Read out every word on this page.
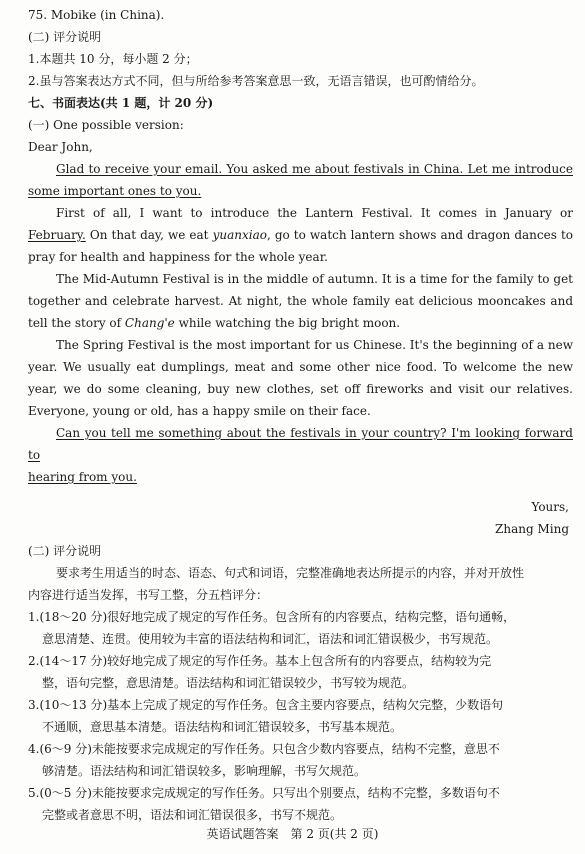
75. Mobike (in China).
(二) 评分说明
1.本题共 10 分，每小题 2 分；
2.虽与答案表达方式不同，但与所给参考答案意思一致，无语言错误，也可酌情给分。
七、书面表达(共 1 题，计 20 分)
(一) One possible version:
Dear John,
Glad to receive your email. You asked me about festivals in China. Let me introduce
some important ones to you.
First of all, I want to introduce the Lantern Festival. It comes in January or
February. On that day, we eat yuanxiao, go to watch lantern shows and dragon dances to
pray for health and happiness for the whole year.
The Mid-Autumn Festival is in the middle of autumn. It is a time for the family to get
together and celebrate harvest. At night, the whole family eat delicious mooncakes and
tell the story of Chang'e while watching the big bright moon.
The Spring Festival is the most important for us Chinese. It's the beginning of a new
year. We usually eat dumplings, meat and some other nice food. To welcome the new
year, we do some cleaning, buy new clothes, set off fireworks and visit our relatives.
Everyone, young or old, has a happy smile on their face.
Can you tell me something about the festivals in your country? I'm looking forward to
hearing from you.
Yours,
Zhang Ming
(二) 评分说明
要求考生用适当的时态、语态、句式和词语，完整准确地表达所提示的内容，并对开放性
内容进行适当发挥，书写工整，分五档评分：
1.(18～20 分)很好地完成了规定的写作任务。包含所有的内容要点，结构完整，语句通畅，
意思清楚、连贯。使用较为丰富的语法结构和词汇，语法和词汇错误极少，书写规范。
2.(14～17 分)较好地完成了规定的写作任务。基本上包含所有的内容要点，结构较为完
整，语句完整，意思清楚。语法结构和词汇错误较少，书写较为规范。
3.(10～13 分)基本上完成了规定的写作任务。包含主要内容要点，结构欠完整，少数语句
不通顺，意思基本清楚。语法结构和词汇错误较多，书写基本规范。
4.(6～9 分)未能按要求完成规定的写作任务。只包含少数内容要点，结构不完整，意思不
够清楚。语法结构和词汇错误较多，影响理解，书写欠规范。
5.(0～5 分)未能按要求完成规定的写作任务。只写出个别要点，结构不完整，多数语句不
完整或者意思不明，语法和词汇错误很多，书写不规范。
英语试题答案　第 2 页(共 2 页)
